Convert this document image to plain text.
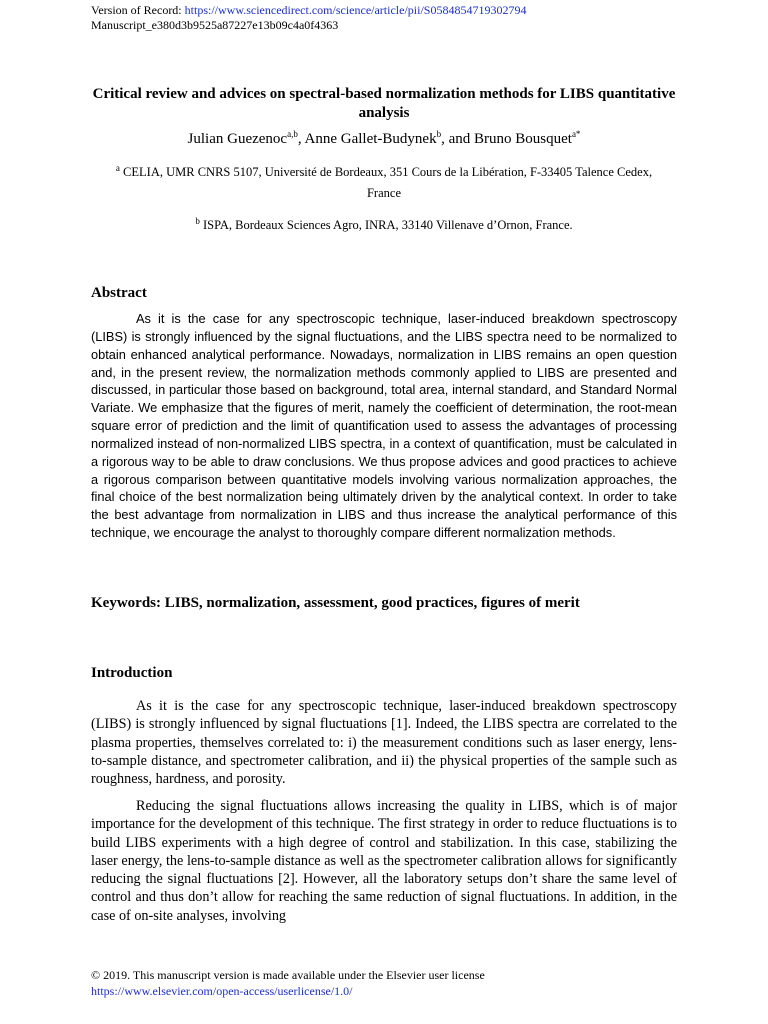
Version of Record: https://www.sciencedirect.com/science/article/pii/S0584854719302794
Manuscript_e380d3b9525a87227e13b09c4a0f4363
Critical review and advices on spectral-based normalization methods for LIBS quantitative analysis
Julian Guezenoc$^{a,b}$, Anne Gallet-Budynek$^b$, and Bruno Bousquet$^{a*}$
$^a$ CELIA, UMR CNRS 5107, Université de Bordeaux, 351 Cours de la Libération, F-33405 Talence Cedex, France
$^b$ ISPA, Bordeaux Sciences Agro, INRA, 33140 Villenave d’Ornon, France.
Abstract
As it is the case for any spectroscopic technique, laser-induced breakdown spectroscopy (LIBS) is strongly influenced by the signal fluctuations, and the LIBS spectra need to be normalized to obtain enhanced analytical performance. Nowadays, normalization in LIBS remains an open question and, in the present review, the normalization methods commonly applied to LIBS are presented and discussed, in particular those based on background, total area, internal standard, and Standard Normal Variate. We emphasize that the figures of merit, namely the coefficient of determination, the root-mean square error of prediction and the limit of quantification used to assess the advantages of processing normalized instead of non-normalized LIBS spectra, in a context of quantification, must be calculated in a rigorous way to be able to draw conclusions. We thus propose advices and good practices to achieve a rigorous comparison between quantitative models involving various normalization approaches, the final choice of the best normalization being ultimately driven by the analytical context. In order to take the best advantage from normalization in LIBS and thus increase the analytical performance of this technique, we encourage the analyst to thoroughly compare different normalization methods.
Keywords: LIBS, normalization, assessment, good practices, figures of merit
Introduction
As it is the case for any spectroscopic technique, laser-induced breakdown spectroscopy (LIBS) is strongly influenced by signal fluctuations [1]. Indeed, the LIBS spectra are correlated to the plasma properties, themselves correlated to: i) the measurement conditions such as laser energy, lens-to-sample distance, and spectrometer calibration, and ii) the physical properties of the sample such as roughness, hardness, and porosity.
Reducing the signal fluctuations allows increasing the quality in LIBS, which is of major importance for the development of this technique. The first strategy in order to reduce fluctuations is to build LIBS experiments with a high degree of control and stabilization. In this case, stabilizing the laser energy, the lens-to-sample distance as well as the spectrometer calibration allows for significantly reducing the signal fluctuations [2]. However, all the laboratory setups don’t share the same level of control and thus don’t allow for reaching the same reduction of signal fluctuations. In addition, in the case of on-site analyses, involving
© 2019. This manuscript version is made available under the Elsevier user license
https://www.elsevier.com/open-access/userlicense/1.0/
